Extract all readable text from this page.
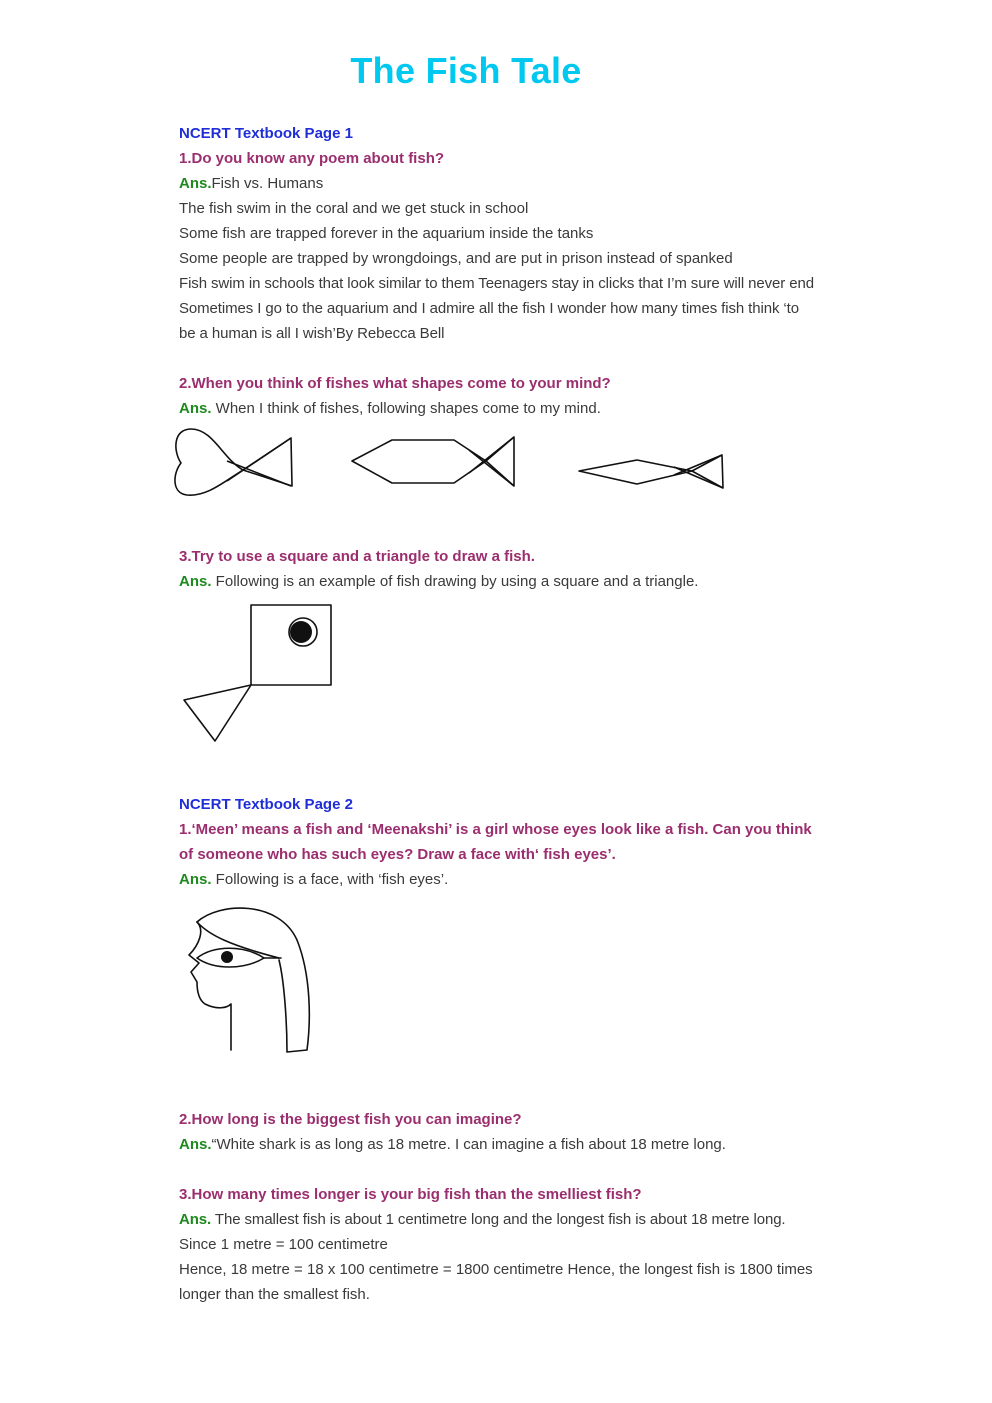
The Fish Tale

NCERT Textbook Page 1

1.Do you know any poem about fish?

Ans.Fish vs. Humans

The fish swim in the coral and we get stuck in school

Some fish are trapped forever in the aquarium inside the tanks

Some people are trapped by wrongdoings, and are put in prison instead of spanked

Fish swim in schools that look similar to them Teenagers stay in clicks that I’m sure will never end Sometimes I go to the aquarium and I admire all the fish I wonder how many times fish think ‘to be a human is all I wish’By Rebecca Bell

2.When you think of fishes what shapes come to your mind?

Ans. When I think of fishes, following shapes come to my mind.

3.Try to use a square and a triangle to draw a fish.

Ans. Following is an example of fish drawing by using a square and a triangle.

NCERT Textbook Page 2

1.‘Meen’ means a fish and ‘Meenakshi’ is a girl whose eyes look like a fish. Can you think of someone who has such eyes? Draw a face with‘ fish eyes’.

Ans. Following is a face, with ‘fish eyes’.

2.How long is the biggest fish you can imagine?

Ans.“White shark is as long as 18 metre. I can imagine a fish about 18 metre long.

3.How many times longer is your big fish than the smelliest fish?

Ans. The smallest fish is about 1 centimetre long and the longest fish is about 18 metre long.

Since 1 metre = 100 centimetre

Hence, 18 metre = 18 x 100 centimetre = 1800 centimetre Hence, the longest fish is 1800 times longer than the smallest fish.
